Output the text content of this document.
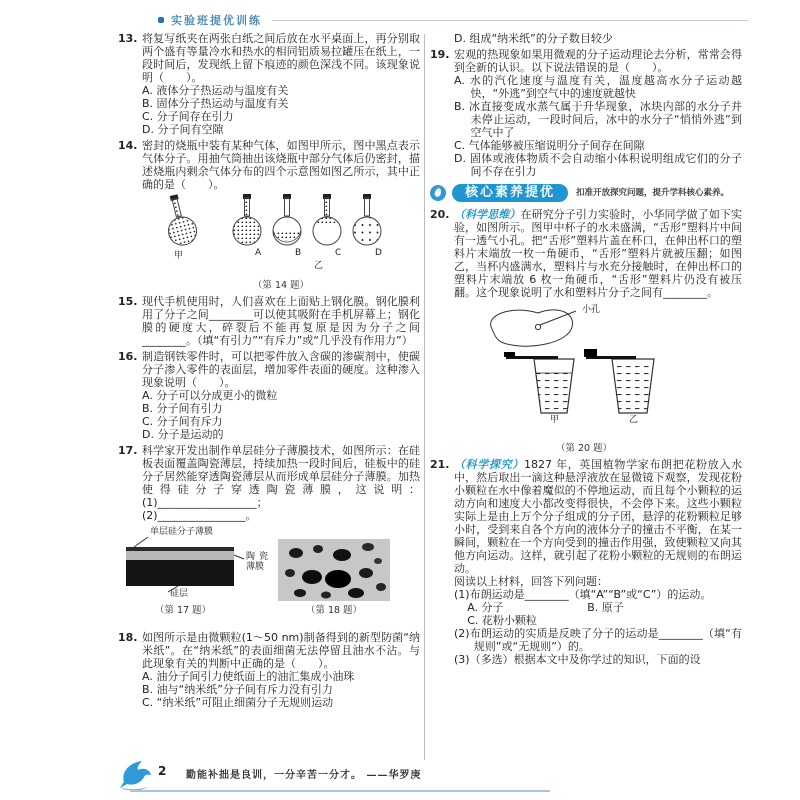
实验班提优训练
13. 将复写纸夹在两张白纸之间后放在水平桌面上，再分别取两个盛有等量冷水和热水的相同铝质易拉罐压在纸上，一段时间后，发现纸上留下痕迹的颜色深浅不同。该现象说明（　　）。
A. 液体分子热运动与温度有关
B. 固体分子热运动与温度有关
C. 分子间存在引力
D. 分子间有空隙
14. 密封的烧瓶中装有某种气体，如图甲所示，图中黑点表示气体分子。用抽气筒抽出该烧瓶中部分气体后仍密封，描述烧瓶内剩余气体分布的四个示意图如图乙所示，其中正确的是（　　）。
甲	A	B	C	D
乙
（第 14 题）
15. 现代手机使用时，人们喜欢在上面贴上钢化膜。钢化膜利用了分子之间________可以使其吸附在手机屏幕上；钢化膜的硬度大，碎裂后不能再复原是因为分子之间________。（填“有引力”“有斥力”或“几乎没有作用力”）
16. 制造钢铁零件时，可以把零件放入含碳的渗碳剂中，使碳分子渗入零件的表面层，增加零件表面的硬度。这种渗入现象说明（　　）。
A. 分子可以分成更小的微粒
B. 分子间有引力
C. 分子间有斥力
D. 分子是运动的
17. 科学家开发出制作单层硅分子薄膜技术，如图所示：在硅板表面覆盖陶瓷薄层，持续加热一段时间后，硅板中的硅分子居然能穿透陶瓷薄层从而形成单层硅分子薄膜。加热使得硅分子穿透陶瓷薄膜，这说明：(1)__________________；
(2)________________。
单层硅分子薄膜
陶瓷薄膜
硅层
（第 17 题）	（第 18 题）
18. 如图所示是由微颗粒(1～50 nm)制备得到的新型防菌“纳米纸”。在“纳米纸”的表面细菌无法停留且油水不沾。与此现象有关的判断中正确的是（　　）。
A. 油分子间引力使纸面上的油汇集成小油珠
B. 油与“纳米纸”分子间有斥力没有引力
C. “纳米纸”可阻止细菌分子无规则运动
D. 组成“纳米纸”的分子数目较少
19. 宏观的热现象如果用微观的分子运动理论去分析，常常会得到全新的认识。以下说法错误的是（　　）。
A. 水的汽化速度与温度有关，温度越高水分子运动越快，“外逃”到空气中的速度就越快
B. 冰直接变成水蒸气属于升华现象，冰块内部的水分子并未停止运动，一段时间后，冰中的水分子“悄悄外逃”到空气中了
C. 气体能够被压缩说明分子间存在间隙
D. 固体或液体物质不会自动缩小体积说明组成它们的分子间不存在引力
核心素养提优	扣准开放探究问题，提升学科核心素养。
20. （科学思维）在研究分子引力实验时，小华同学做了如下实验，如图所示。图甲中杯子的水未盛满，“舌形”塑料片中间有一透气小孔。把“舌形”塑料片盖在杯口，在伸出杯口的塑料片末端放一枚一角硬币，“舌形”塑料片就被压翻；如图乙，当杯内盛满水，塑料片与水充分接触时，在伸出杯口的塑料片末端放 6 枚一角硬币，“舌形”塑料片仍没有被压翻。这个现象说明了水和塑料片分子之间有________。
小孔
甲	乙
（第 20 题）
21. （科学探究）1827 年，英国植物学家布朗把花粉放入水中，然后取出一滴这种悬浮液放在显微镜下观察，发现花粉小颗粒在水中像着魔似的不停地运动，而且每个小颗粒的运动方向和速度大小都改变得很快，不会停下来。这些小颗粒实际上是由上万个分子组成的分子团，悬浮的花粉颗粒足够小时，受到来自各个方向的液体分子的撞击不平衡，在某一瞬间，颗粒在一个方向受到的撞击作用强，致使颗粒又向其他方向运动。这样，就引起了花粉小颗粒的无规则的布朗运动。
阅读以上材料，回答下列问题：
(1)布朗运动是________（填“A”“B”或“C”）的运动。
A. 分子	B. 原子
C. 花粉小颗粒
(2)布朗运动的实质是反映了分子的运动是________（填“有规则”或“无规则”）的。
(3)（多选）根据本文中及你学过的知识，下面的设
2 勤能补拙是良训，一分辛苦一分才。 ——华罗庚
